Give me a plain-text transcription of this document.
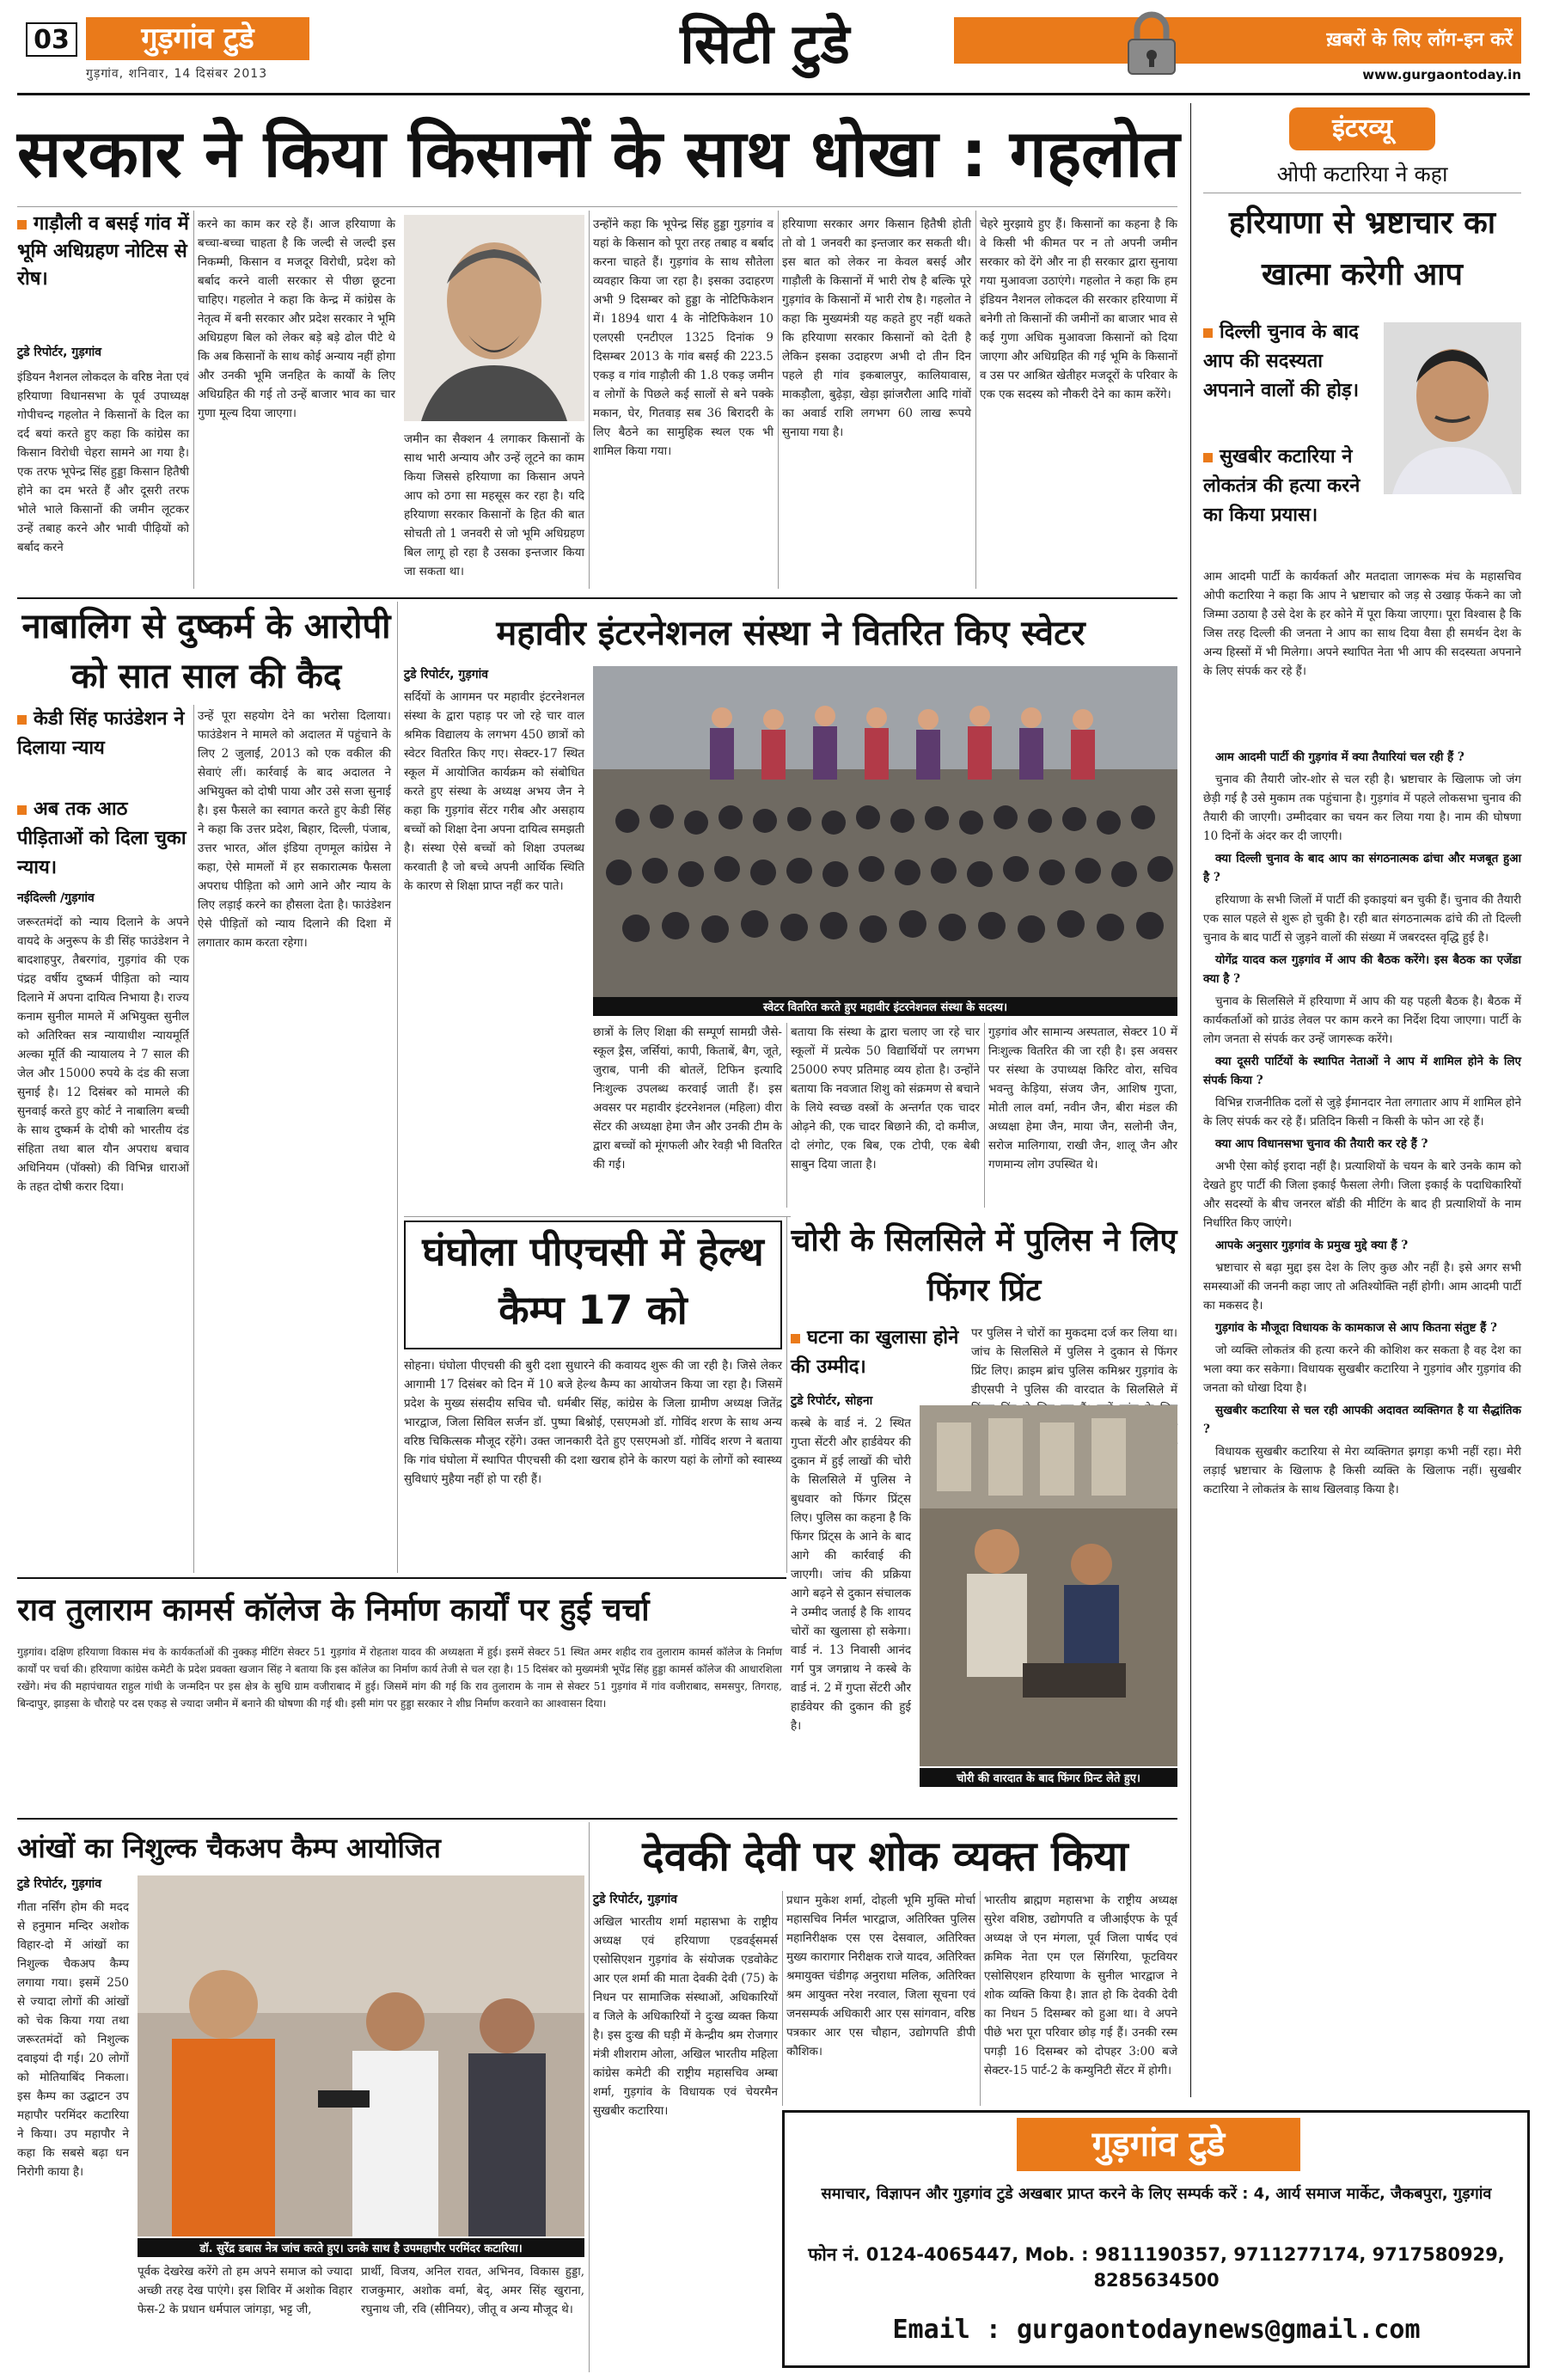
03	गुड़गांव टुडे
गुड़गांव, शनिवार, 14 दिसंबर 2013	सिटी टुडे	ख़बरों के लिए लॉग-इन करें
www.gurgaontoday.in
सरकार ने किया किसानों के साथ धोखा : गहलोत
गाड़ौली व बसई गांव में भूमि अधिग्रहण नोटिस से रोष।
टुडे रिपोर्टर, गुड़गांव
इंडियन नैशनल लोकदल के वरिष्ठ नेता एवं हरियाणा विधानसभा के पूर्व उपाध्यक्ष गोपीचन्द गहलोत ने किसानों के दिल का दर्द बयां करते हुए कहा कि कांग्रेस का किसान विरोधी चेहरा सामने आ गया है। एक तरफ भूपेन्द्र सिंह हुड्डा किसान हितैषी होने का दम भरते हैं और दूसरी तरफ भोले भाले किसानों की जमीन लूटकर उन्हें तबाह करने और भावी पीढ़ियों को बर्बाद करने
करने का काम कर रहे हैं। आज हरियाणा के बच्चा-बच्चा चाहता है कि जल्दी से जल्दी इस निकम्मी, किसान व मजदूर विरोधी, प्रदेश को बर्बाद करने वाली सरकार से पीछा छूटना चाहिए। गहलोत ने कहा कि केन्द्र में कांग्रेस के नेतृत्व में बनी सरकार और प्रदेश सरकार ने भूमि अधिग्रहण बिल को लेकर बड़े बड़े ढोल पीटे थे कि अब किसानों के साथ कोई अन्याय नहीं होगा और उनकी भूमि जनहित के कार्यों के लिए अधिग्रहित की गई तो उन्हें बाजार भाव का चार गुणा मूल्य दिया जाएगा।
जमीन का सैक्शन 4 लगाकर किसानों के साथ भारी अन्याय और उन्हें लूटने का काम किया जिससे हरियाणा का किसान अपने आप को ठगा सा महसूस कर रहा है। यदि हरियाणा सरकार किसानों के हित की बात सोचती तो 1 जनवरी से जो भूमि अधिग्रहण बिल लागू हो रहा है उसका इन्तजार किया जा सकता था।
उन्होंने कहा कि भूपेन्द्र सिंह हुड्डा गुड़गांव व यहां के किसान को पूरा तरह तबाह व बर्बाद करना चाहते हैं। गुड़गांव के साथ सौतेला व्यवहार किया जा रहा है। इसका उदाहरण अभी 9 दिसम्बर को हुड्डा के नोटिफिकेशन में। 1894 धारा 4 के नोटिफिकेशन 10 एलएसी एनटीएल 1325 दिनांक 9 दिसम्बर 2013 के गांव बसई की 223.5 एकड़ व गांव गाड़ौली की 1.8 एकड़ जमीन व लोगों के पिछले कई सालों से बने पक्के मकान, घेर, गितवाड़ सब 36 बिरादरी के लिए बैठने का सामुहिक स्थल एक भी शामिल किया गया।
हरियाणा सरकार अगर किसान हितैषी होती तो वो 1 जनवरी का इन्तजार कर सकती थी। इस बात को लेकर ना केवल बसई और गाड़ौली के किसानों में भारी रोष है बल्कि पूरे गुड़गांव के किसानों में भारी रोष है। गहलोत ने कहा कि मुख्यमंत्री यह कहते हुए नहीं थकते कि हरियाणा सरकार किसानों को देती है लेकिन इसका उदाहरण अभी दो तीन दिन पहले ही गांव इकबालपुर, कालियावास, माकड़ौला, बुढ़ेड़ा, खेड़ा झांजरौला आदि गांवों का अवार्ड राशि लगभग 60 लाख रूपये सुनाया गया है।
चेहरे मुरझाये हुए हैं। किसानों का कहना है कि वे किसी भी कीमत पर न तो अपनी जमीन सरकार को देंगे और ना ही सरकार द्वारा सुनाया गया मुआवजा उठाएंगे। गहलोत ने कहा कि हम इंडियन नैशनल लोकदल की सरकार हरियाणा में बनेगी तो किसानों की जमीनों का बाजार भाव से कई गुणा अधिक मुआवजा किसानों को दिया जाएगा और अधिग्रहित की गई भूमि के किसानों व उस पर आश्रित खेतीहर मजदूरों के परिवार के एक एक सदस्य को नौकरी देने का काम करेंगे।
इंटरव्यू
ओपी कटारिया ने कहा
हरियाणा से भ्रष्टाचार का खात्मा करेगी आप
दिल्ली चुनाव के बाद आप की सदस्यता अपनाने वालों की होड़।
सुखबीर कटारिया ने लोकतंत्र की हत्या करने का किया प्रयास।
आम आदमी पार्टी के कार्यकर्ता और मतदाता जागरूक मंच के महासचिव ओपी कटारिया ने कहा कि आप ने भ्रष्टाचार को जड़ से उखाड़ फेंकने का जो जिम्मा उठाया है उसे देश के हर कोने में पूरा किया जाएगा। पूरा विश्वास है कि जिस तरह दिल्ली की जनता ने आप का साथ दिया वैसा ही समर्थन देश के अन्य हिस्सों में भी मिलेगा। अपने स्थापित नेता भी आप की सदस्यता अपनाने के लिए संपर्क कर रहे हैं।

आम आदमी पार्टी की गुड़गांव में क्या तैयारियां चल रही हैं ?

चुनाव की तैयारी जोर-शोर से चल रही है। भ्रष्टाचार के खिलाफ जो जंग छेड़ी गई है उसे मुकाम तक पहुंचाना है। गुड़गांव में पहले लोकसभा चुनाव की तैयारी की जाएगी। उम्मीदवार का चयन कर लिया गया है। नाम की घोषणा 10 दिनों के अंदर कर दी जाएगी।

क्या दिल्ली चुनाव के बाद आप का संगठनात्मक ढांचा और मजबूत हुआ है ?

हरियाणा के सभी जिलों में पार्टी की इकाइयां बन चुकी हैं। चुनाव की तैयारी एक साल पहले से शुरू हो चुकी है। रही बात संगठनात्मक ढांचे की तो दिल्ली चुनाव के बाद पार्टी से जुड़ने वालों की संख्या में जबरदस्त वृद्धि हुई है।

योगेंद्र यादव कल गुड़गांव में आप की बैठक करेंगे। इस बैठक का एजेंडा क्या है ?

चुनाव के सिलसिले में हरियाणा में आप की यह पहली बैठक है। बैठक में कार्यकर्ताओं को ग्राउंड लेवल पर काम करने का निर्देश दिया जाएगा। पार्टी के लोग जनता से संपर्क कर उन्हें जागरूक करेंगे।

क्या दूसरी पार्टियों के स्थापित नेताओं ने आप में शामिल होने के लिए संपर्क किया ?

विभिन्न राजनीतिक दलों से जुड़े ईमानदार नेता लगातार आप में शामिल होने के लिए संपर्क कर रहे हैं। प्रतिदिन किसी न किसी के फोन आ रहे हैं।

क्या आप विधानसभा चुनाव की तैयारी कर रहे हैं ?

अभी ऐसा कोई इरादा नहीं है। प्रत्याशियों के चयन के बारे उनके काम को देखते हुए पार्टी की जिला इकाई फैसला लेगी। जिला इकाई के पदाधिकारियों और सदस्यों के बीच जनरल बॉडी की मीटिंग के बाद ही प्रत्याशियों के नाम निर्धारित किए जाएंगे।

आपके अनुसार गुड़गांव के प्रमुख मुद्दे क्या हैं ?

भ्रष्टाचार से बढ़ा मुद्दा इस देश के लिए कुछ और नहीं है। इसे अगर सभी समस्याओं की जननी कहा जाए तो अतिश्योक्ति नहीं होगी। आम आदमी पार्टी का मकसद है।

गुड़गांव के मौजूदा विधायक के कामकाज से आप कितना संतुष्ट हैं ?

जो व्यक्ति लोकतंत्र की हत्या करने की कोशिश कर सकता है वह देश का भला क्या कर सकेगा। विधायक सुखबीर कटारिया ने गुड़गांव और गुड़गांव की जनता को धोखा दिया है।

सुखबीर कटारिया से चल रही आपकी अदावत व्यक्तिगत है या सैद्धांतिक ?

विधायक सुखबीर कटारिया से मेरा व्यक्तिगत झगड़ा कभी नहीं रहा। मेरी लड़ाई भ्रष्टाचार के खिलाफ है किसी व्यक्ति के खिलाफ नहीं। सुखबीर कटारिया ने लोकतंत्र के साथ खिलवाड़ किया है।

नाबालिग से दुष्कर्म के आरोपी को सात साल की कैद
केडी सिंह फाउंडेशन ने दिलाया न्याय
अब तक आठ पीड़िताओं को दिला चुका न्याय।
नईदिल्ली /गुड़गांव
जरूरतमंदों को न्याय दिलाने के अपने वायदे के अनुरूप के डी सिंह फाउंडेशन ने बादशाहपुर, तैबरगांव, गुड़गांव की एक पंद्रह वर्षीय दुष्कर्म पीड़िता को न्याय दिलाने में अपना दायित्व निभाया है। राज्य कनाम सुनील मामले में अभियुक्त सुनील को अतिरिक्त सत्र न्यायाधीश न्यायमूर्ति अल्का मूर्ति की न्यायालय ने 7 साल की जेल और 15000 रुपये के दंड की सजा सुनाई है। 12 दिसंबर को मामले की सुनवाई करते हुए कोर्ट ने नाबालिग बच्ची के साथ दुष्कर्म के दोषी को भारतीय दंड संहिता तथा बाल यौन अपराध बचाव अधिनियम (पॉक्सो) की विभिन्न धाराओं के तहत दोषी करार दिया।
उन्हें पूरा सहयोग देने का भरोसा दिलाया। फाउंडेशन ने मामले को अदालत में पहुंचाने के लिए 2 जुलाई, 2013 को एक वकील की सेवाएं लीं। कार्रवाई के बाद अदालत ने अभियुक्त को दोषी पाया और उसे सजा सुनाई है। इस फैसले का स्वागत करते हुए केडी सिंह ने कहा कि उत्तर प्रदेश, बिहार, दिल्ली, पंजाब, उत्तर भारत, ऑल इंडिया तृणमूल कांग्रेस ने कहा, ऐसे मामलों में हर सकारात्मक फैसला अपराध पीड़िता को आगे आने और न्याय के लिए लड़ाई करने का हौसला देता है। फाउंडेशन ऐसे पीड़ितों को न्याय दिलाने की दिशा में लगातार काम करता रहेगा।
महावीर इंटरनेशनल संस्था ने वितरित किए स्वेटर
टुडे रिपोर्टर, गुड़गांव
सर्दियों के आगमन पर महावीर इंटरनेशनल संस्था के द्वारा पहाड़ पर जो रहे चार वाल श्रमिक विद्यालय के लगभग 450 छात्रों को स्वेटर वितरित किए गए। सेक्टर-17 स्थित स्कूल में आयोजित कार्यक्रम को संबोधित करते हुए संस्था के अध्यक्ष अभय जैन ने कहा कि गुड़गांव सेंटर गरीब और असहाय बच्चों को शिक्षा देना अपना दायित्व समझती है। संस्था ऐसे बच्चों को शिक्षा उपलब्ध करवाती है जो बच्चे अपनी आर्थिक स्थिति के कारण से शिक्षा प्राप्त नहीं कर पाते।
स्वेटर वितरित करते हुए महावीर इंटरनेशनल संस्था के सदस्य।
छात्रों के लिए शिक्षा की सम्पूर्ण सामग्री जैसे-स्कूल ड्रैस, जर्सियां, कापी, किताबें, बैग, जूते, जुराब, पानी की बोतलें, टिफिन इत्यादि निःशुल्क उपलब्ध करवाई जाती हैं। इस अवसर पर महावीर इंटरनेशनल (महिला) वीरा सेंटर की अध्यक्षा हेमा जैन और उनकी टीम के द्वारा बच्चों को मूंगफली और रेवड़ी भी वितरित की गई।
बताया कि संस्था के द्वारा चलाए जा रहे चार स्कूलों में प्रत्येक 50 विद्यार्थियों पर लगभग 25000 रुपए प्रतिमाह व्यय होता है। उन्होंने बताया कि नवजात शिशु को संक्रमण से बचाने के लिये स्वच्छ वस्त्रों के अन्तर्गत एक चादर ओढ़ने की, एक चादर बिछाने की, दो कमीज, दो लंगोट, एक बिब, एक टोपी, एक बेबी साबुन दिया जाता है।
गुड़गांव और सामान्य अस्पताल, सेक्टर 10 में निःशुल्क वितरित की जा रही है। इस अवसर पर संस्था के उपाध्यक्ष किरिट वोरा, सचिव भवन्तु केड़िया, संजय जैन, आशिष गुप्ता, मोती लाल वर्मा, नवीन जैन, बीरा मंडल की अध्यक्षा हेमा जैन, माया जैन, सलोनी जैन, सरोज मालिगाया, राखी जैन, शालू जैन और गणमान्य लोग उपस्थित थे।
घंघोला पीएचसी में हेल्थ कैम्प 17 को
सोहना। घंघोला पीएचसी की बुरी दशा सुधारने की कवायद शुरू की जा रही है। जिसे लेकर आगामी 17 दिसंबर को दिन में 10 बजे हेल्थ कैम्प का आयोजन किया जा रहा है। जिसमें प्रदेश के मुख्य संसदीय सचिव चौ. धर्मबीर सिंह, कांग्रेस के जिला ग्रामीण अध्यक्ष जितेंद्र भारद्वाज, जिला सिविल सर्जन डॉ. पुष्पा बिश्नोई, एसएमओ डॉ. गोविंद शरण के साथ अन्य वरिष्ठ चिकित्सक मौजूद रहेंगे। उक्त जानकारी देते हुए एसएमओ डॉ. गोविंद शरण ने बताया कि गांव घंघोला में स्थापित पीएचसी की दशा खराब होने के कारण यहां के लोगों को स्वास्थ्य सुविधाएं मुहैया नहीं हो पा रही हैं।
चोरी के सिलसिले में पुलिस ने लिए फिंगर प्रिंट
घटना का खुलासा होने की उम्मीद।
पर पुलिस ने चोरों का मुकदमा दर्ज कर लिया था। जांच के सिलसिले में पुलिस ने दुकान से फिंगर प्रिंट लिए। क्राइम ब्रांच पुलिस कमिश्नर गुड़गांव के डीएसपी ने पुलिस की वारदात के सिलसिले में
टुडे रिपोर्टर, सोहना
कस्बे के वार्ड नं. 2 स्थित गुप्ता सेंटरी और हार्डवेयर की दुकान में हुई लाखों की चोरी के सिलसिले में पुलिस ने बुधवार को फिंगर प्रिंट्स लिए। पुलिस का कहना है कि फिंगर प्रिंट्स के आने के बाद आगे की कार्रवाई की जाएगी। जांच की प्रक्रिया आगे बढ़ने से दुकान संचालक ने उम्मीद जताई है कि शायद चोरों का खुलासा हो सकेगा। वार्ड नं. 13 निवासी आनंद गर्ग पुत्र जगन्नाथ ने कस्बे के वार्ड नं. 2 में गुप्ता सेंटरी और हार्डवेयर की दुकान की हुई है।
चोरी की वारदात के बाद फिंगर प्रिन्ट लेते हुए।
राव तुलाराम कामर्स कॉलेज के निर्माण कार्यों पर हुई चर्चा
गुड़गांव। दक्षिण हरियाणा विकास मंच के कार्यकर्ताओं की नुक्कड़ मीटिंग सेक्टर 51 गुड़गांव में रोहताश यादव की अध्यक्षता में हुई। इसमें सेक्टर 51 स्थित अमर शहीद राव तुलाराम कामर्स कॉलेज के निर्माण कार्यों पर चर्चा की। हरियाणा कांग्रेस कमेटी के प्रदेश प्रवक्ता खजान सिंह ने बताया कि इस कॉलेज का निर्माण कार्य तेजी से चल रहा है। 15 दिसंबर को मुख्यमंत्री भूपेंद्र सिंह हुड्डा कामर्स कॉलेज की आधारशिला रखेंगे। मंच की महापंचायत राहुल गांधी के जन्मदिन पर इस क्षेत्र के सुधि ग्राम वजीराबाद में हुई। जिसमें मांग की गई कि राव तुलाराम के नाम से सेक्टर 51 गुड़गांव में गांव वजीराबाद, समसपुर, तिगराह, बिन्दापुर, झाड़सा के चौराहे पर दस एकड़ से ज्यादा जमीन में बनाने की घोषणा की गई थी। इसी मांग पर हुड्डा सरकार ने शीघ्र निर्माण करवाने का आश्वासन दिया।
आंखों का निशुल्क चैकअप कैम्प आयोजित
टुडे रिपोर्टर, गुड़गांव
गीता नर्सिंग होम की मदद से हनुमान मन्दिर अशोक विहार-दो में आंखों का निशुल्क चैकअप कैम्प लगाया गया। इसमें 250 से ज्यादा लोगों की आंखों को चेक किया गया तथा जरूरतमंदों को निशुल्क दवाइयां दी गई। 20 लोगों को मोतियाबिंद निकला। इस कैम्प का उद्घाटन उप महापौर परमिंदर कटारिया ने किया। उप महापौर ने कहा कि सबसे बढ़ा धन निरोगी काया है।
डॉ. सुरेंद्र डबास नेत्र जांच करते हुए। उनके साथ है उपमहापौर परमिंदर कटारिया।
पूर्वक देखरेख करेंगे तो हम अपने समाज को ज्यादा अच्छी तरह देख पाएंगे। इस शिविर में अशोक विहार फेस-2 के प्रधान धर्मपाल जांगड़ा, भट्ट जी,
प्रार्थी, विजय, अनिल रावत, अभिनव, विकास हुड्डा, राजकुमार, अशोक वर्मा, बेद्, अमर सिंह खुराना, रघुनाथ जी, रवि (सीनियर), जीतू व अन्य मौजूद थे।
देवकी देवी पर शोक व्यक्त किया
टुडे रिपोर्टर, गुड़गांव
अखिल भारतीय शर्मा महासभा के राष्ट्रीय अध्यक्ष एवं हरियाणा एडवर्ड्समर्स एसोसिएशन गुड़गांव के संयोजक एडवोकेट आर एल शर्मा की माता देवकी देवी (75) के निधन पर सामाजिक संस्थाओं, अधिकारियों व जिले के अधिकारियों ने दुःख व्यक्त किया है। इस दुःख की घड़ी में केन्द्रीय श्रम रोजगार मंत्री शीशराम ओला, अखिल भारतीय महिला कांग्रेस कमेटी की राष्ट्रीय महासचिव अम्बा शर्मा, गुड़गांव के विधायक एवं चेयरमैन सुखबीर कटारिया।
प्रधान मुकेश शर्मा, दोहली भूमि मुक्ति मोर्चा महासचिव निर्मल भारद्वाज, अतिरिक्त पुलिस महानिरीक्षक एस एस देसवाल, अतिरिक्त मुख्य कारागार निरीक्षक राजे यादव, अतिरिक्त श्रमायुक्त चंडीगढ़ अनुराधा मलिक, अतिरिक्त श्रम आयुक्त नरेश नरवाल, जिला सूचना एवं जनसम्पर्क अधिकारी आर एस सांगवान, वरिष्ठ पत्रकार आर एस चौहान, उद्योगपति डीपी कौशिक।
भारतीय ब्राह्मण महासभा के राष्ट्रीय अध्यक्ष सुरेश वशिष्ठ, उद्योगपति व जीआईएफ के पूर्व अध्यक्ष जे एन मंगला, पूर्व जिला पार्षद एवं क्रमिक नेता एम एल सिंगरिया, फूटवियर एसोसिएशन हरियाणा के सुनील भारद्वाज ने शोक व्यक्ति किया है। ज्ञात हो कि देवकी देवी का निधन 5 दिसम्बर को हुआ था। वे अपने पीछे भरा पूरा परिवार छोड़ गई हैं। उनकी रस्म पगड़ी 16 दिसम्बर को दोपहर 3:00 बजे सेक्टर-15 पार्ट-2 के कम्युनिटी सेंटर में होगी।
गुड़गांव टुडे
समाचार, विज्ञापन और गुड़गांव टुडे अखबार प्राप्त करने के लिए सम्पर्क करें : 4, आर्य समाज मार्केट, जैकबपुरा, गुड़गांव
फोन नं. 0124-4065447, Mob. : 9811190357, 9711277174, 9717580929, 8285634500
Email : gurgaontodaynews@gmail.com
